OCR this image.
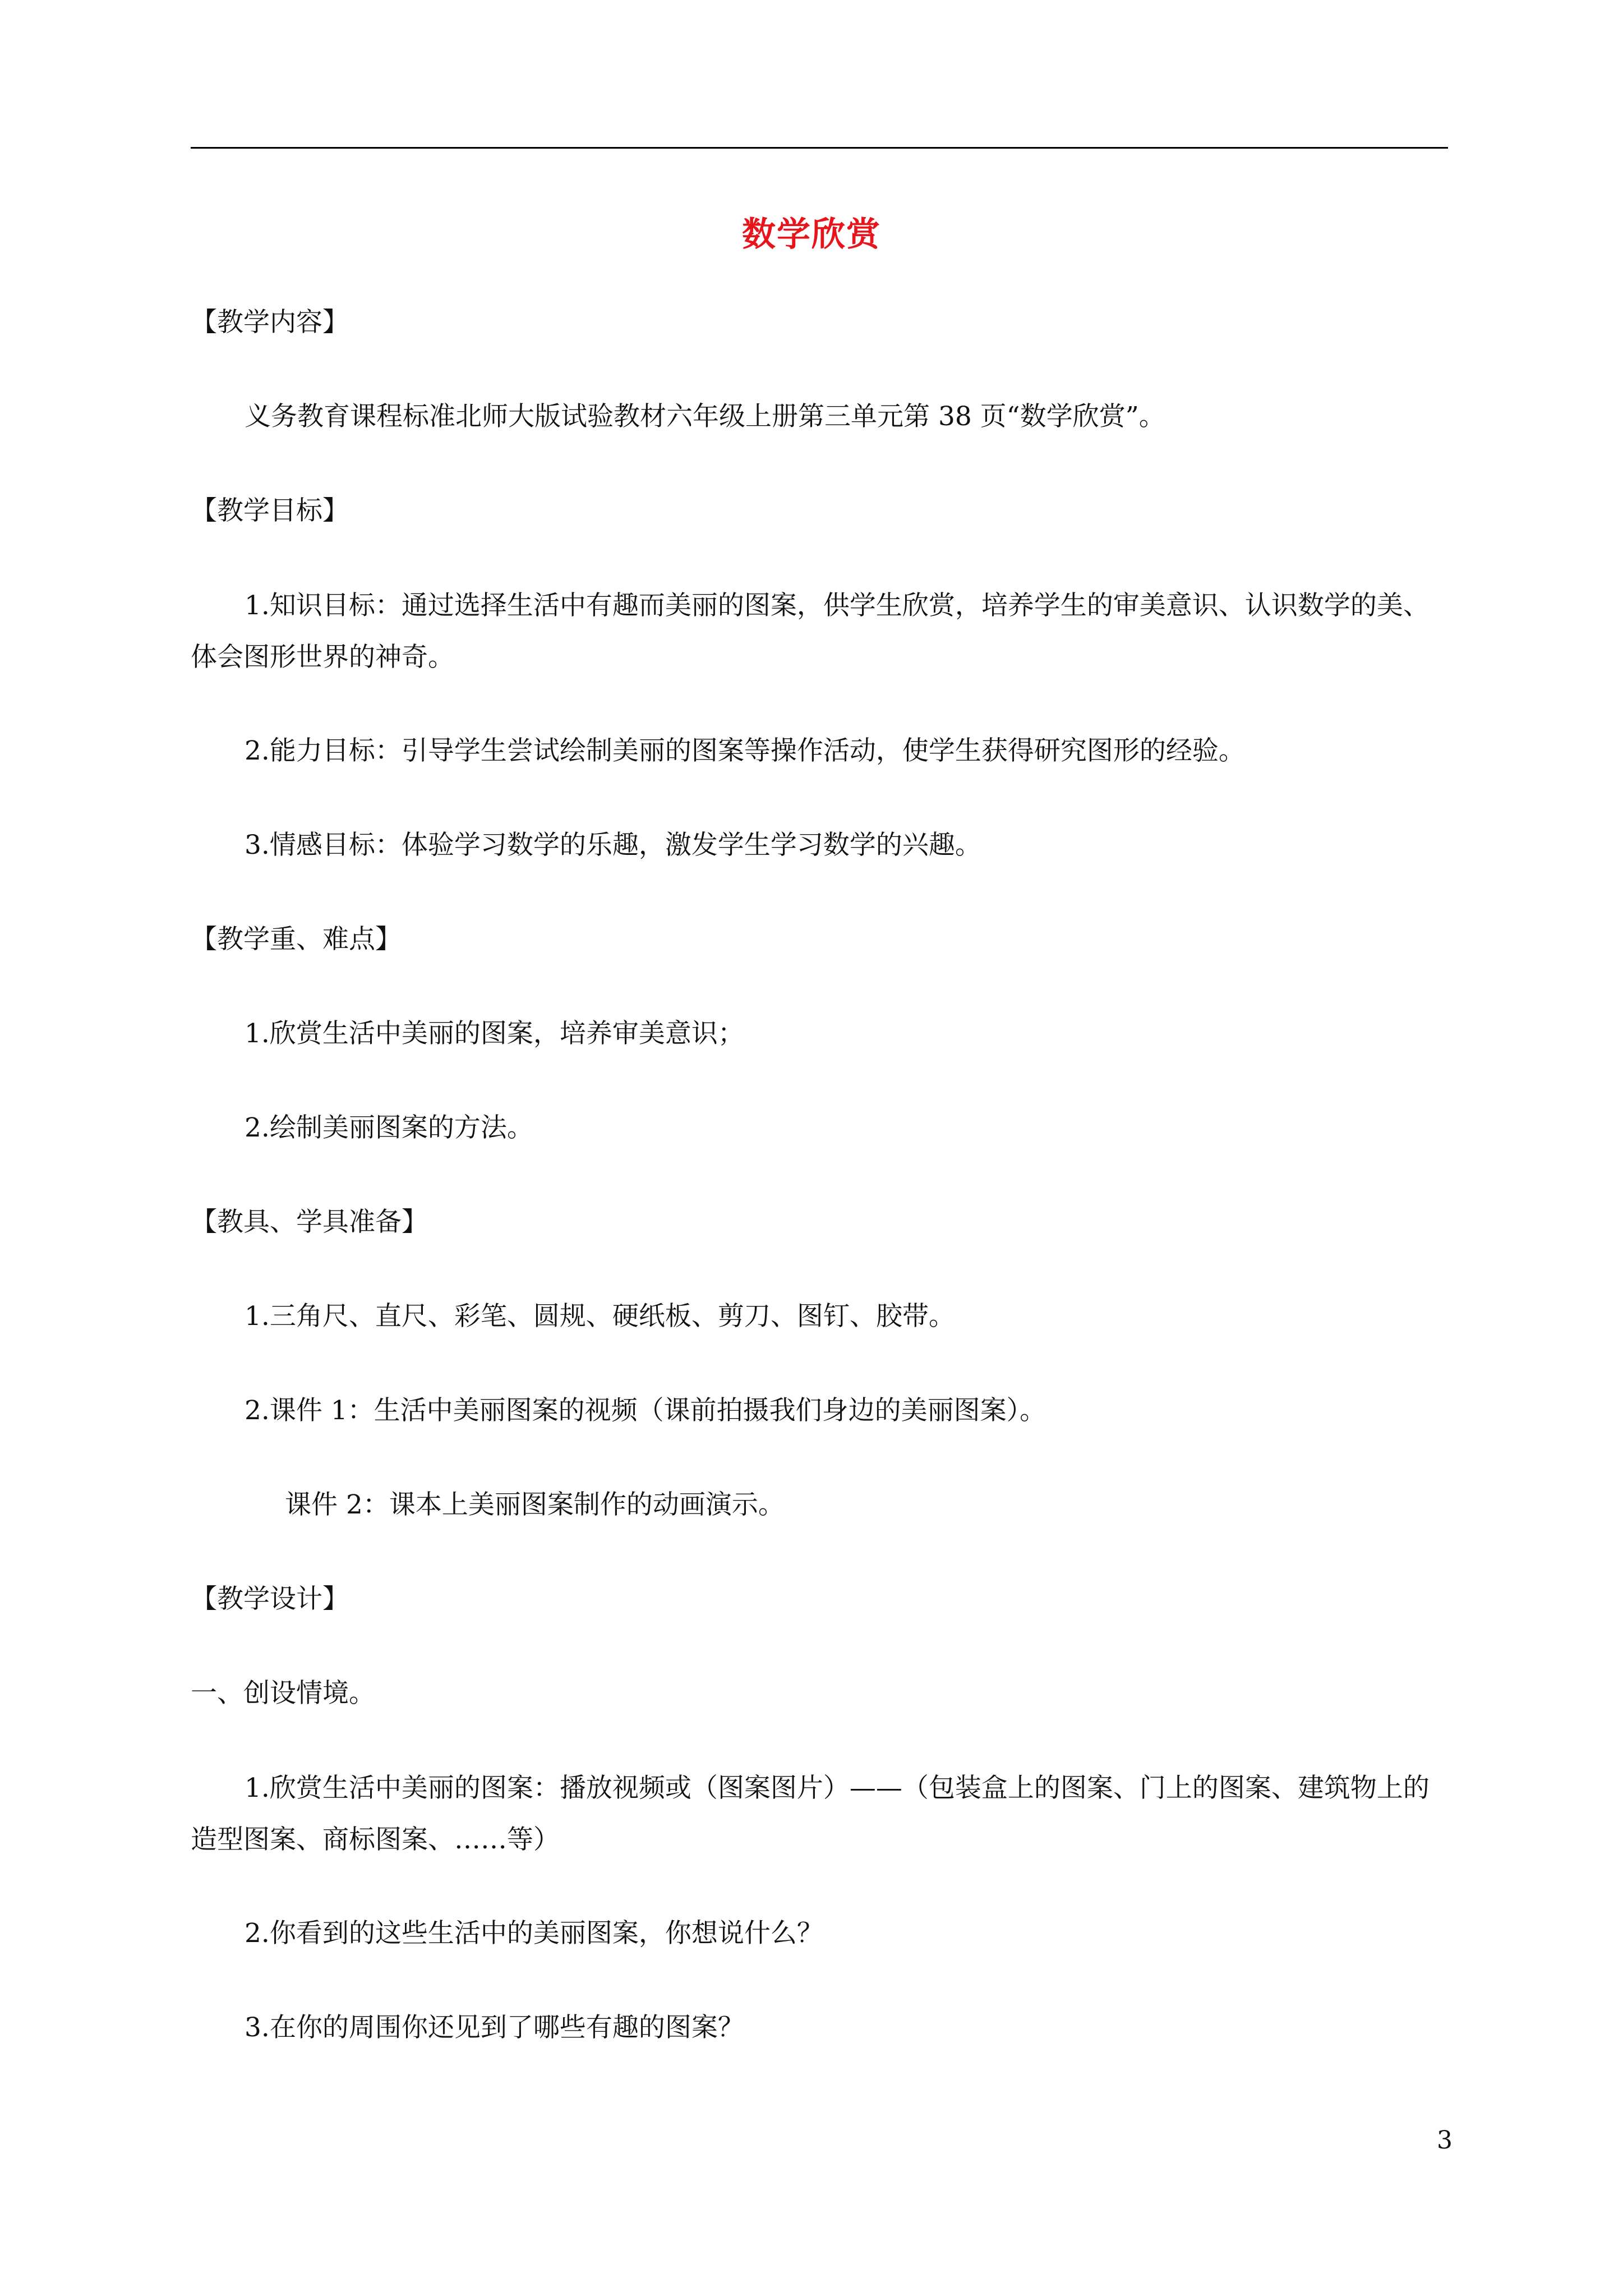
数学欣赏
【教学内容】
义务教育课程标准北师大版试验教材六年级上册第三单元第 38 页“数学欣赏”。
【教学目标】
1.知识目标：通过选择生活中有趣而美丽的图案，供学生欣赏，培养学生的审美意识、认识数学的美、体会图形世界的神奇。
2.能力目标：引导学生尝试绘制美丽的图案等操作活动，使学生获得研究图形的经验。
3.情感目标：体验学习数学的乐趣，激发学生学习数学的兴趣。
【教学重、难点】
1.欣赏生活中美丽的图案，培养审美意识；
2.绘制美丽图案的方法。
【教具、学具准备】
1.三角尺、直尺、彩笔、圆规、硬纸板、剪刀、图钉、胶带。
2.课件 1：生活中美丽图案的视频（课前拍摄我们身边的美丽图案）。
课件 2：课本上美丽图案制作的动画演示。
【教学设计】
一、创设情境。
1.欣赏生活中美丽的图案：播放视频或（图案图片）——（包装盒上的图案、门上的图案、建筑物上的造型图案、商标图案、……等）
2.你看到的这些生活中的美丽图案，你想说什么？
3.在你的周围你还见到了哪些有趣的图案？
3
